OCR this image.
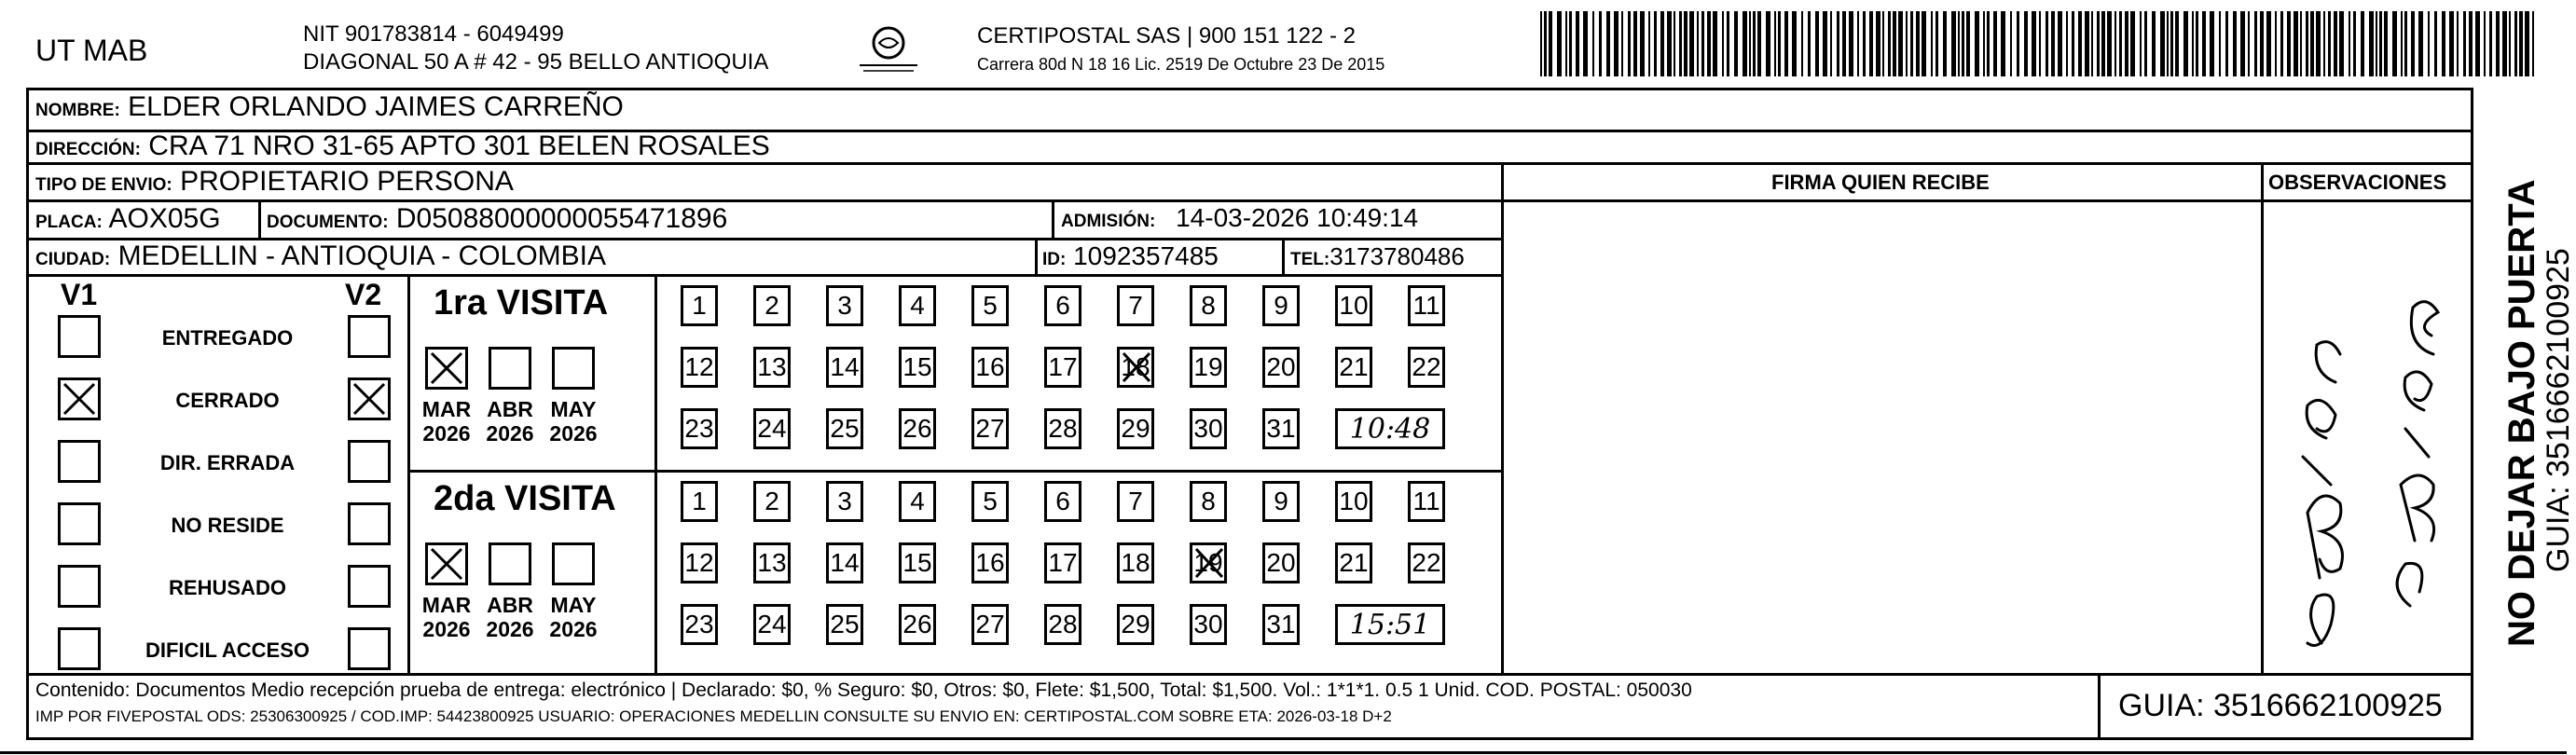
UT MAB	NIT 901783814 - 6049499
DIAGONAL 50 A # 42 - 95 BELLO ANTIOQUIA
CERTIPOSTAL SAS | 900 151 122 - 2
Carrera 80d N 18 16 Lic. 2519 De Octubre 23 De 2015
NOMBRE: ELDER ORLANDO JAIMES CARREÑO
DIRECCIÓN: CRA 71 NRO 31-65 APTO 301 BELEN ROSALES
TIPO DE ENVIO: PROPIETARIO PERSONA
PLACA: AOX05G	DOCUMENTO: D05088000000055471896	ADMISIÓN: 14-03-2026 10:49:14
CIUDAD: MEDELLIN - ANTIOQUIA - COLOMBIA	ID: 1092357485	TEL:3173780486
FIRMA QUIEN RECIBE	OBSERVACIONES
V1	V2
ENTREGADO
CERRADO
DIR. ERRADA
NO RESIDE
REHUSADO
DIFICIL ACCESO
1ra VISITA
2da VISITA
MAR
2026
ABR
2026
MAY
2026
1 2 3 4 5 6 7 8 9 10 11
12 13 14 15 16 17 18 19 20 21 22
23 24 25 26 27 28 29 30 31	10:48
MAR
2026
ABR
2026
MAY
2026
1 2 3 4 5 6 7 8 9 10 11
12 13 14 15 16 17 18 19 20 21 22
23 24 25 26 27 28 29 30 31	15:51	NO DEJAR BAJO PUERTA
GUIA: 3516662100925
Contenido: Documentos Medio recepción prueba de entrega: electrónico | Declarado: $0, % Seguro: $0, Otros: $0, Flete: $1,500, Total: $1,500. Vol.: 1*1*1. 0.5 1 Unid. COD. POSTAL: 050030
IMP POR FIVEPOSTAL ODS: 25306300925 / COD.IMP: 54423800925 USUARIO: OPERACIONES MEDELLIN CONSULTE SU ENVIO EN: CERTIPOSTAL.COM SOBRE ETA: 2026-03-18 D+2	GUIA: 3516662100925
